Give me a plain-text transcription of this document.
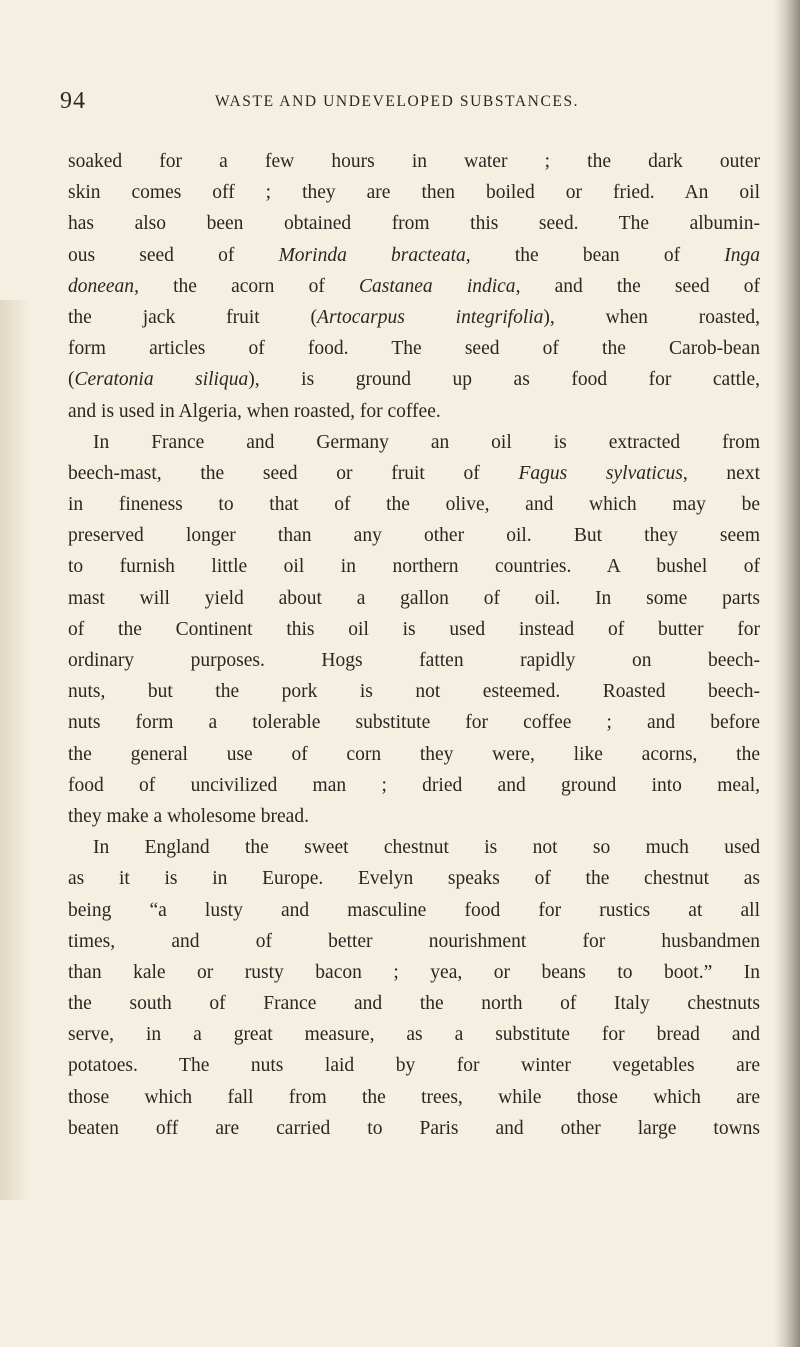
94	WASTE AND UNDEVELOPED SUBSTANCES.
soaked for a few hours in water ; the dark outer
skin comes off ; they are then boiled or fried. An oil
has also been obtained from this seed. The albumin-
ous seed of Morinda bracteata, the bean of Inga
doneean, the acorn of Castanea indica, and the seed of
the jack fruit (Artocarpus integrifolia), when roasted,
form articles of food. The seed of the Carob-bean
(Ceratonia siliqua), is ground up as food for cattle,
and is used in Algeria, when roasted, for coffee.
In France and Germany an oil is extracted from
beech-mast, the seed or fruit of Fagus sylvaticus, next
in fineness to that of the olive, and which may be
preserved longer than any other oil. But they seem
to furnish little oil in northern countries. A bushel of
mast will yield about a gallon of oil. In some parts
of the Continent this oil is used instead of butter for
ordinary purposes. Hogs fatten rapidly on beech-
nuts, but the pork is not esteemed. Roasted beech-
nuts form a tolerable substitute for coffee ; and before
the general use of corn they were, like acorns, the
food of uncivilized man ; dried and ground into meal,
they make a wholesome bread.
In England the sweet chestnut is not so much used
as it is in Europe. Evelyn speaks of the chestnut as
being “a lusty and masculine food for rustics at all
times, and of better nourishment for husbandmen
than kale or rusty bacon ; yea, or beans to boot.” In
the south of France and the north of Italy chestnuts
serve, in a great measure, as a substitute for bread and
potatoes. The nuts laid by for winter vegetables are
those which fall from the trees, while those which are
beaten off are carried to Paris and other large towns
